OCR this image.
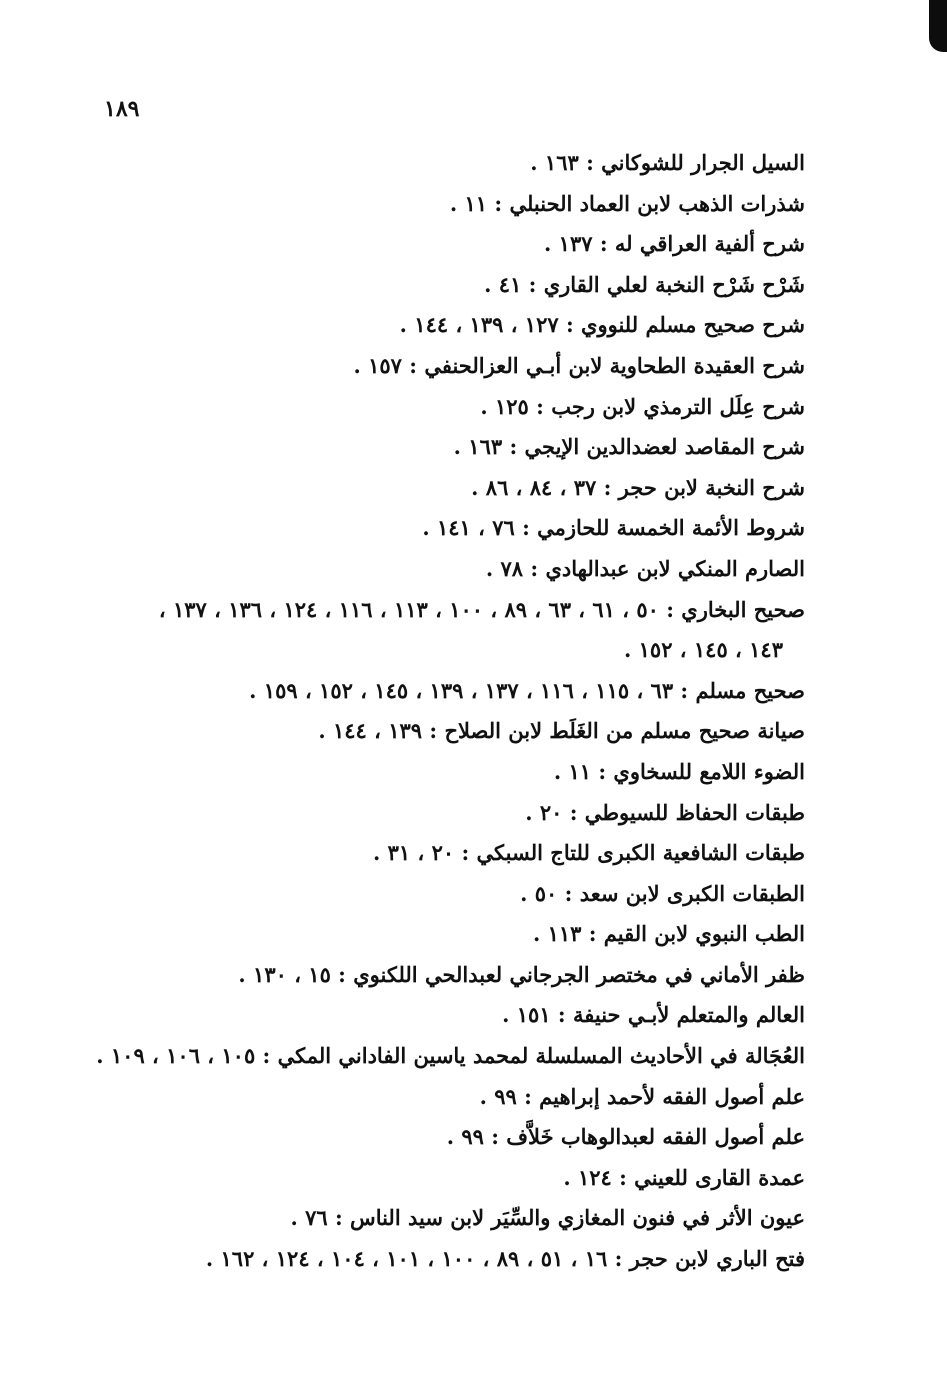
١٨٩
السيل الجرار للشوكاني : ١٦٣ .
شذرات الذهب لابن العماد الحنبلي : ١١ .
شرح ألفية العراقي له : ١٣٧ .
شَرْح شَرْح النخبة لعلي القاري : ٤١ .
شرح صحيح مسلم للنووي : ١٢٧ ، ١٣٩ ، ١٤٤ .
شرح العقيدة الطحاوية لابن أبـي العزالحنفي : ١٥٧ .
شرح عِلَل الترمذي لابن رجب : ١٢٥ .
شرح المقاصد لعضدالدين الإيجي : ١٦٣ .
شرح النخبة لابن حجر : ٣٧ ، ٨٤ ، ٨٦ .
شروط الأئمة الخمسة للحازمي : ٧٦ ، ١٤١ .
الصارم المنكي لابن عبدالهادي : ٧٨ .
صحيح البخاري : ٥٠ ، ٦١ ، ٦٣ ، ٨٩ ، ١٠٠ ، ١١٣ ، ١١٦ ، ١٢٤ ، ١٣٦ ، ١٣٧ ،
١٤٣ ، ١٤٥ ، ١٥٢ .
صحيح مسلم : ٦٣ ، ١١٥ ، ١١٦ ، ١٣٧ ، ١٣٩ ، ١٤٥ ، ١٥٢ ، ١٥٩ .
صيانة صحيح مسلم من الغَلَط لابن الصلاح : ١٣٩ ، ١٤٤ .
الضوء اللامع للسخاوي : ١١ .
طبقات الحفاظ للسيوطي : ٢٠ .
طبقات الشافعية الكبرى للتاج السبكي : ٢٠ ، ٣١ .
الطبقات الكبرى لابن سعد : ٥٠ .
الطب النبوي لابن القيم : ١١٣ .
ظفر الأماني في مختصر الجرجاني لعبدالحي اللكنوي : ١٥ ، ١٣٠ .
العالم والمتعلم لأبـي حنيفة : ١٥١ .
العُجَالة في الأحاديث المسلسلة لمحمد ياسين الفاداني المكي : ١٠٥ ، ١٠٦ ، ١٠٩ .
علم أصول الفقه لأحمد إبراهيم : ٩٩ .
علم أصول الفقه لعبدالوهاب خَلاَّف : ٩٩ .
عمدة القارى للعيني : ١٢٤ .
عيون الأثر في فنون المغازي والسِّيَر لابن سيد الناس : ٧٦ .
فتح الباري لابن حجر : ١٦ ، ٥١ ، ٨٩ ، ١٠٠ ، ١٠١ ، ١٠٤ ، ١٢٤ ، ١٦٢ .
